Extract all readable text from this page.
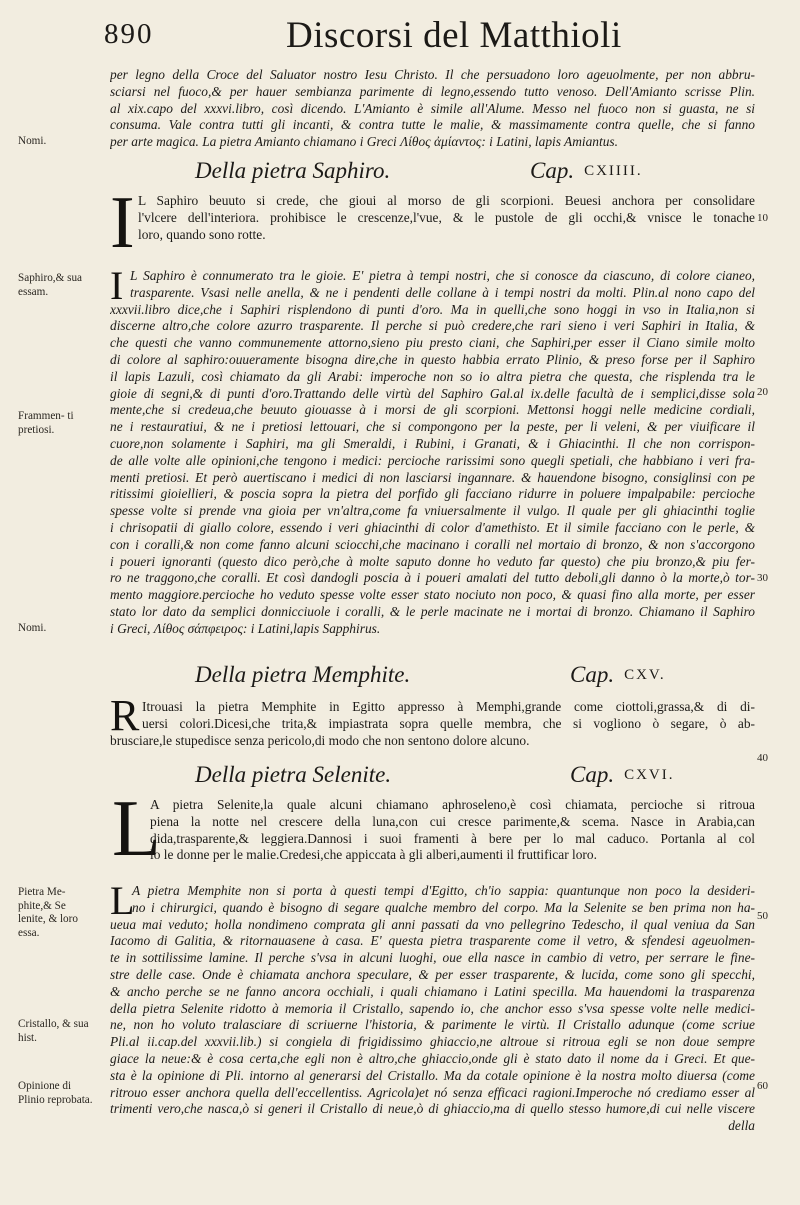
890	Discorsi del Matthioli
per legno della Croce del Saluator nostro Iesu Christo. Il che persuadono loro ageuolmente, per non abbru-
sciarsi nel fuoco,& per hauer sembianza parimente di legno,essendo tutto venoso. Dell'Amianto scrisse Plin.
al xix.capo del xxxvi.libro, così dicendo. L'Amianto è simile all'Alume. Messo nel fuoco non si guasta, ne si
consuma. Vale contra tutti gli incanti, & contra tutte le malie, & massimamente contra quelle, che si fanno
per arte magica. La pietra Amianto chiamano i Greci Λίθος ἀμίαντος: i Latini, lapis Amiantus.
Nomi.
Della pietra Saphiro.	Cap. CXIIII.
I L Saphiro beuuto si crede, che gioui al morso de gli scorpioni. Beuesi anchora per consolidare
l'vlcere dell'interiora. prohibisce le crescenze,l'vue, & le pustole de gli occhi,& vnisce le tonache
loro, quando sono rotte.
10
I L Saphiro è connumerato tra le gioie. E' pietra à tempi nostri, che si conosce da ciascuno, di colore cianeo,
trasparente. Vsasi nelle anella, & ne i pendenti delle collane à i tempi nostri da molti. Plin.al nono capo del
xxxvii.libro dice,che i Saphiri risplendono di punti d'oro. Ma in quelli,che sono hoggi in vso in Italia,non si
discerne altro,che colore azurro trasparente. Il perche si può credere,che rari sieno i veri Saphiri in Italia, &
che questi che vanno communemente attorno,sieno piu presto ciani, che Saphiri,per esser il Ciano simile molto
di colore al saphiro:ouueramente bisogna dire,che in questo habbia errato Plinio, & preso forse per il Saphiro
il lapis Lazuli, così chiamato da gli Arabi: imperoche non so io altra pietra che questa, che risplenda tra le
gioie di segni,& di punti d'oro.Trattando delle virtù del Saphiro Gal.al ix.delle facultà de i semplici,disse sola
mente,che si credeua,che beuuto giouasse à i morsi de gli scorpioni. Mettonsi hoggi nelle medicine cordiali,
ne i restauratiui, & ne i pretiosi lettouari, che si compongono per la peste, per li veleni, & per viuificare il
cuore,non solamente i Saphiri, ma gli Smeraldi, i Rubini, i Granati, & i Ghiacinthi. Il che non corrispon-
de alle volte alle opinioni,che tengono i medici: percioche rarissimi sono quegli spetiali, che habbiano i veri fra-
menti pretiosi. Et però auertiscano i medici di non lasciarsi ingannare. & hauendone bisogno, consiglinsi con pe
ritissimi gioiellieri, & poscia sopra la pietra del porfido gli facciano ridurre in poluere impalpabile: percioche
spesse volte si prende vna gioia per vn'altra,come fa vniuersalmente il vulgo. Il quale per gli ghiacinthi toglie
i chrisopatii di giallo colore, essendo i veri ghiacinthi di color d'amethisto. Et il simile facciano con le perle, &
con i coralli,& non come fanno alcuni sciocchi,che macinano i coralli nel mortaio di bronzo, & non s'accorgono
i poueri ignoranti (questo dico però,che à molte saputo donne ho veduto far questo) che piu bronzo,& piu fer-
ro ne traggono,che coralli. Et così dandogli poscia à i poueri amalati del tutto deboli,gli danno ò la morte,ò tor-
mento maggiore.percioche ho veduto spesse volte esser stato nociuto non poco, & quasi fino alla morte, per esser
stato lor dato da semplici donnicciuole i coralli, & le perle macinate ne i mortai di bronzo. Chiamano il Saphiro
i Greci, Λίθος σάπφειρος: i Latini,lapis Sapphirus.
Saphiro,& sua essam.
Frammen- ti pretiosi.
Nomi.
20
30
Della pietra Memphite.	Cap. CXV.
R Itrouasi la pietra Memphite in Egitto appresso à Memphi,grande come ciottoli,grassa,& di di-
uersi colori.Dicesi,che trita,& impiastrata sopra quelle membra, che si vogliono ò segare, ò ab-
brusciare,le stupedisce senza pericolo,di modo che non sentono dolore alcuno.
Della pietra Selenite.	Cap. CXVI.
40
L
A pietra Selenite,la quale alcuni chiamano aphroseleno,è così chiamata, percioche si ritroua
piena la notte nel crescere della luna,con cui cresce parimente,& scema. Nasce in Arabia,can
dida,trasparente,& leggiera.Dannosi i suoi framenti à bere per lo mal caduco. Portanla al col
lo le donne per le malie.Credesi,che appiccata à gli alberi,aumenti il fruttificar loro.
L
A pietra Memphite non si porta à questi tempi d'Egitto, ch'io sappia: quantunque non poco la desideri-
no i chirurgici, quando è bisogno di segare qualche membro del corpo. Ma la Selenite se ben prima non ha-
ueua mai veduto; holla nondimeno comprata gli anni passati da vno pellegrino Tedescho, il qual veniua da San
Iacomo di Galitia, & ritornauasene à casa. E' questa pietra trasparente come il vetro, & sfendesi ageuolmen-
te in sottilissime lamine. Il perche s'vsa in alcuni luoghi, oue ella nasce in cambio di vetro, per serrare le fine-
stre delle case. Onde è chiamata anchora speculare, & per esser trasparente, & lucida, come sono gli specchi,
& ancho perche se ne fanno ancora occhiali, i quali chiamano i Latini specilla. Ma hauendomi la trasparenza
della pietra Selenite ridotto à memoria il Cristallo, sapendo io, che anchor esso s'vsa spesse volte nelle medici-
ne, non ho voluto tralasciare di scriuerne l'historia, & parimente le virtù. Il Cristallo adunque (come scriue
Pli.al ii.cap.del xxxvii.lib.) si congiela di frigidissimo ghiaccio,ne altroue si ritroua egli se non doue sempre
giace la neue:& è cosa certa,che egli non è altro,che ghiaccio,onde gli è stato dato il nome da i Greci. Et que-
sta è la opinione di Pli. intorno al generarsi del Cristallo. Ma da cotale opinione è la nostra molto diuersa (come
ritrouo esser anchora quella dell'eccellentiss. Agricola)et nó senza efficaci ragioni.Imperoche nó crediamo esser al
trimenti vero,che nasca,ò si generi il Cristallo di neue,ò di ghiaccio,ma di quello stesso humore,di cui nelle viscere
della
Pietra Me- phite,& Se lenite, & loro essa.
Cristallo, & sua hist.
Opinione di Plinio reprobata.
50
60
